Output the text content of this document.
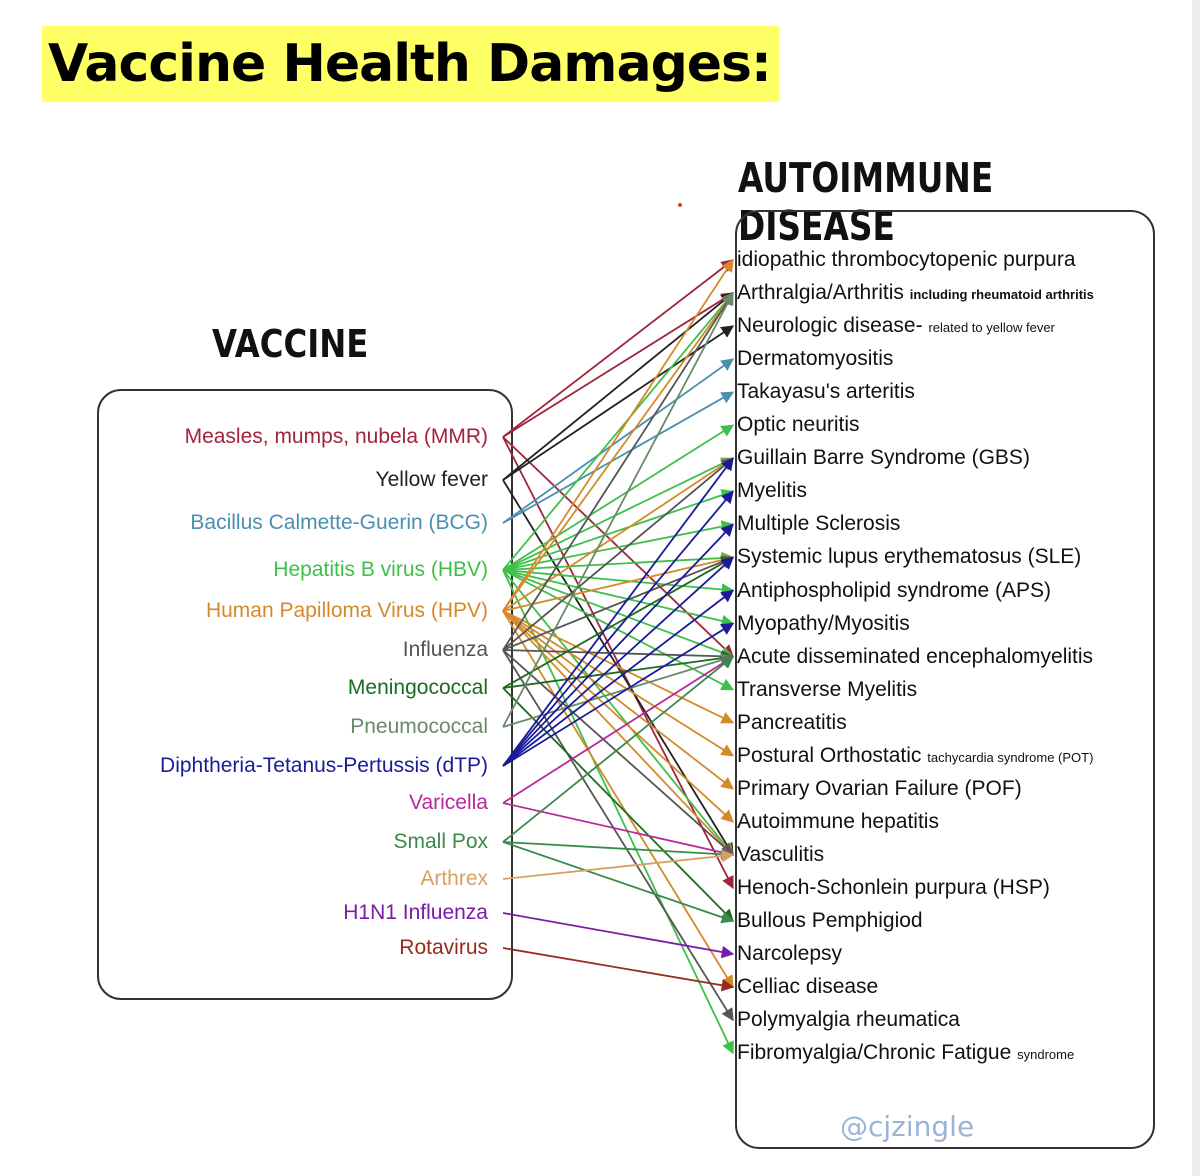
Vaccine Health Damages:
VACCINE
AUTOIMMUNE DISEASE
Measles, mumps, nubela (MMR)
Yellow fever
Bacillus Calmette-Guerin (BCG)
Hepatitis B virus (HBV)
Human Papilloma Virus (HPV)
Influenza
Meningococcal
Pneumococcal
Diphtheria-Tetanus-Pertussis (dTP)
Varicella
Small Pox
Arthrex
H1N1 Influenza
Rotavirus
idiopathic thrombocytopenic purpura
Arthralgia/Arthritis including rheumatoid arthritis
Neurologic disease- related to yellow fever
Dermatomyositis
Takayasu's arteritis
Optic neuritis
Guillain Barre Syndrome (GBS)
Myelitis
Multiple Sclerosis
Systemic lupus erythematosus (SLE)
Antiphospholipid syndrome (APS)
Myopathy/Myositis
Acute disseminated encephalomyelitis
Transverse Myelitis
Pancreatitis
Postural Orthostatic tachycardia syndrome (POT)
Primary Ovarian Failure (POF)
Autoimmune hepatitis
Vasculitis
Henoch-Schonlein purpura (HSP)
Bullous Pemphigiod
Narcolepsy
Celliac disease
Polymyalgia rheumatica
Fibromyalgia/Chronic Fatigue syndrome
@cjzingle
